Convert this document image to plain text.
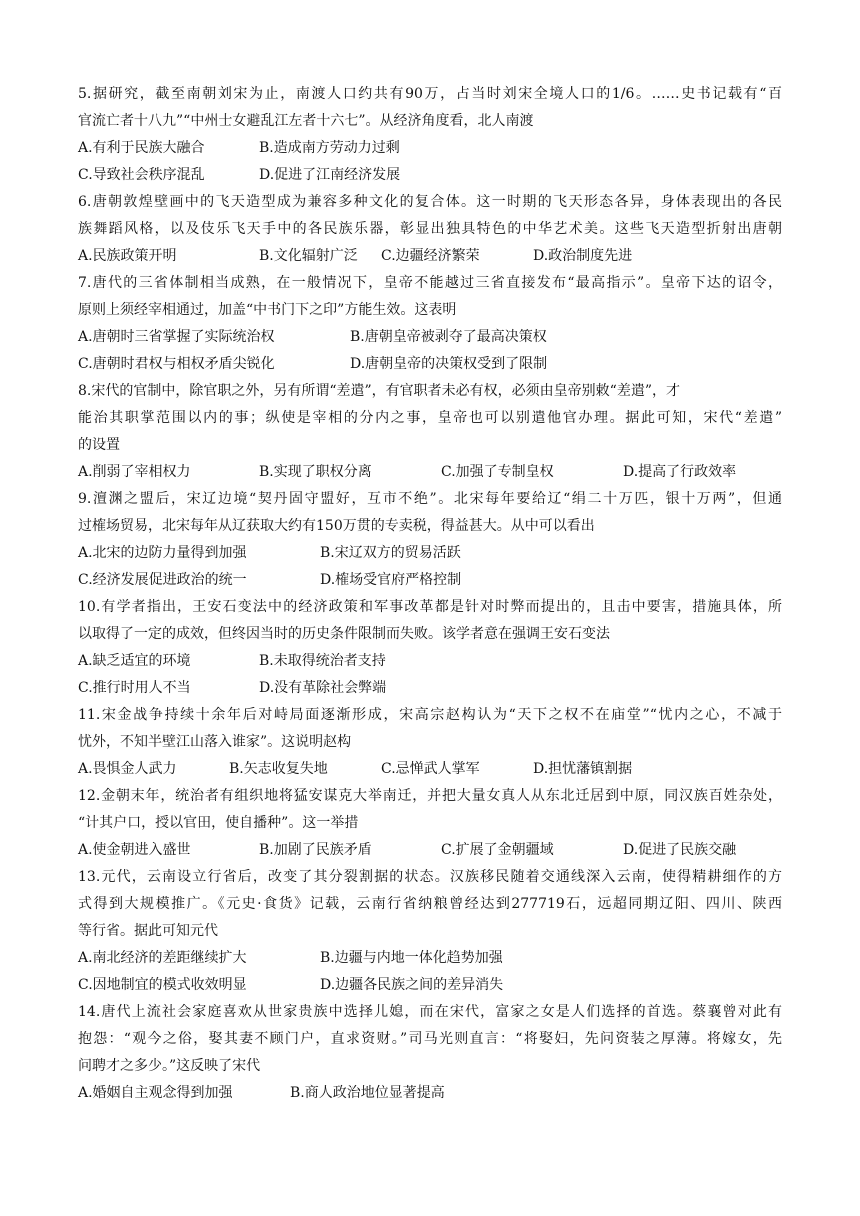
5.据研究，截至南朝刘宋为止，南渡人口约共有90万，占当时刘宋全境人口的1/6。……史书记载有“百
官流亡者十八九”“中州士女避乱江左者十六七”。从经济角度看，北人南渡
A.有利于民族大融合	B.造成南方劳动力过剩
C.导致社会秩序混乱	D.促进了江南经济发展
6.唐朝敦煌壁画中的飞天造型成为兼容多种文化的复合体。这一时期的飞天形态各异，身体表现出的各民
族舞蹈风格，以及伎乐飞天手中的各民族乐器，彰显出独具特色的中华艺术美。这些飞天造型折射出唐朝
A.民族政策开明	B.文化辐射广泛 C.边疆经济繁荣	D.政治制度先进
7.唐代的三省体制相当成熟，在一般情况下，皇帝不能越过三省直接发布“最高指示”。皇帝下达的诏令，
原则上须经宰相通过，加盖“中书门下之印”方能生效。这表明
A.唐朝时三省掌握了实际统治权	B.唐朝皇帝被剥夺了最高决策权
C.唐朝时君权与相权矛盾尖锐化	D.唐朝皇帝的决策权受到了限制
8.宋代的官制中，除官职之外，另有所谓“差遣”，有官职者未必有权，必须由皇帝别敕“差遣”，才
能治其职掌范围以内的事；纵使是宰相的分内之事，皇帝也可以别遣他官办理。据此可知，宋代“差遣”
的设置
A.削弱了宰相权力	B.实现了职权分离	C.加强了专制皇权	D.提高了行政效率
9.澶渊之盟后，宋辽边境“契丹固守盟好，互市不绝”。北宋每年要给辽“绢二十万匹，银十万两”，但通
过榷场贸易，北宋每年从辽获取大约有150万贯的专卖税，得益甚大。从中可以看出
A.北宋的边防力量得到加强	B.宋辽双方的贸易活跃
C.经济发展促进政治的统一	D.榷场受官府严格控制
10.有学者指出，王安石变法中的经济政策和军事改革都是针对时弊而提出的，且击中要害，措施具体，所
以取得了一定的成效，但终因当时的历史条件限制而失败。该学者意在强调王安石变法
A.缺乏适宜的环境	B.未取得统治者支持
C.推行时用人不当	D.没有革除社会弊端
11.宋金战争持续十余年后对峙局面逐渐形成，宋高宗赵构认为“天下之权不在庙堂”“忧内之心，不减于
忧外，不知半壁江山落入谁家”。这说明赵构
A.畏惧金人武力	B.矢志收复失地	C.忌惮武人掌军	D.担忧藩镇割据
12.金朝末年，统治者有组织地将猛安谋克大举南迁，并把大量女真人从东北迁居到中原，同汉族百姓杂处，
“计其户口，授以官田，使自播种”。这一举措
A.使金朝进入盛世	B.加剧了民族矛盾	C.扩展了金朝疆域	D.促进了民族交融
13.元代，云南设立行省后，改变了其分裂割据的状态。汉族移民随着交通线深入云南，使得精耕细作的方
式得到大规模推广。《元史·食货》记载，云南行省纳粮曾经达到277719石，远超同期辽阳、四川、陕西
等行省。据此可知元代
A.南北经济的差距继续扩大	B.边疆与内地一体化趋势加强
C.因地制宜的模式收效明显	D.边疆各民族之间的差异消失
14.唐代上流社会家庭喜欢从世家贵族中选择儿媳，而在宋代，富家之女是人们选择的首选。蔡襄曾对此有
抱怨：“观今之俗，娶其妻不顾门户，直求资财。”司马光则直言：“将娶妇，先问资装之厚薄。将嫁女，先
问聘才之多少。”这反映了宋代
A.婚姻自主观念得到加强	B.商人政治地位显著提高
